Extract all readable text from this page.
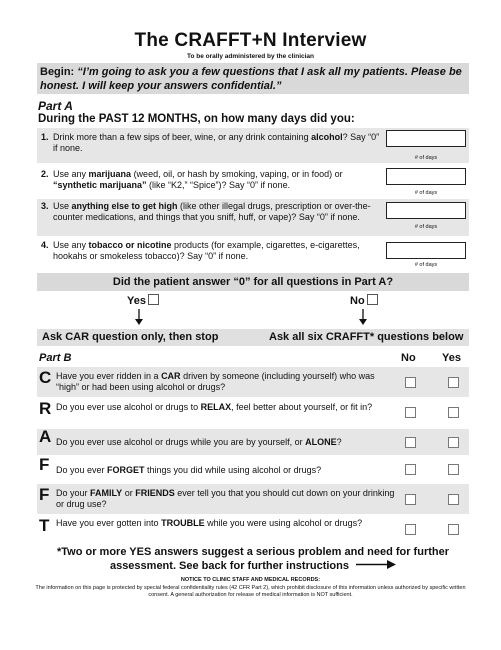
The CRAFFT+N Interview
To be orally administered by the clinician
Begin: “I’m going to ask you a few questions that I ask all my patients. Please be honest. I will keep your answers confidential.”
Part A
During the PAST 12 MONTHS, on how many days did you:
1. Drink more than a few sips of beer, wine, or any drink containing alcohol? Say “0” if none.
# of days
2. Use any marijuana (weed, oil, or hash by smoking, vaping, or in food) or “synthetic marijuana” (like “K2,” “Spice”)? Say “0” if none.
# of days
3. Use anything else to get high (like other illegal drugs, prescription or over-the-counter medications, and things that you sniff, huff, or vape)? Say “0” if none.
# of days
4. Use any tobacco or nicotine products (for example, cigarettes, e-cigarettes, hookahs or smokeless tobacco)? Say “0” if none.
# of days
Did the patient answer “0” for all questions in Part A?
Yes	No
Ask CAR question only, then stop	Ask all six CRAFFT* questions below
Part B	No Yes
C Have you ever ridden in a CAR driven by someone (including yourself) who was “high” or had been using alcohol or drugs?
R Do you ever use alcohol or drugs to RELAX, feel better about yourself, or fit in?
A Do you ever use alcohol or drugs while you are by yourself, or ALONE?
F Do you ever FORGET things you did while using alcohol or drugs?
F Do your FAMILY or FRIENDS ever tell you that you should cut down on your drinking or drug use?
T Have you ever gotten into TROUBLE while you were using alcohol or drugs?
*Two or more YES answers suggest a serious problem and need for further
assessment. See back for further instructions
NOTICE TO CLINIC STAFF AND MEDICAL RECORDS:
The information on this page is protected by special federal confidentiality rules (42 CFR Part 2), which prohibit disclosure of this information unless authorized by specific written consent. A general authorization for release of medical information is NOT sufficient.
